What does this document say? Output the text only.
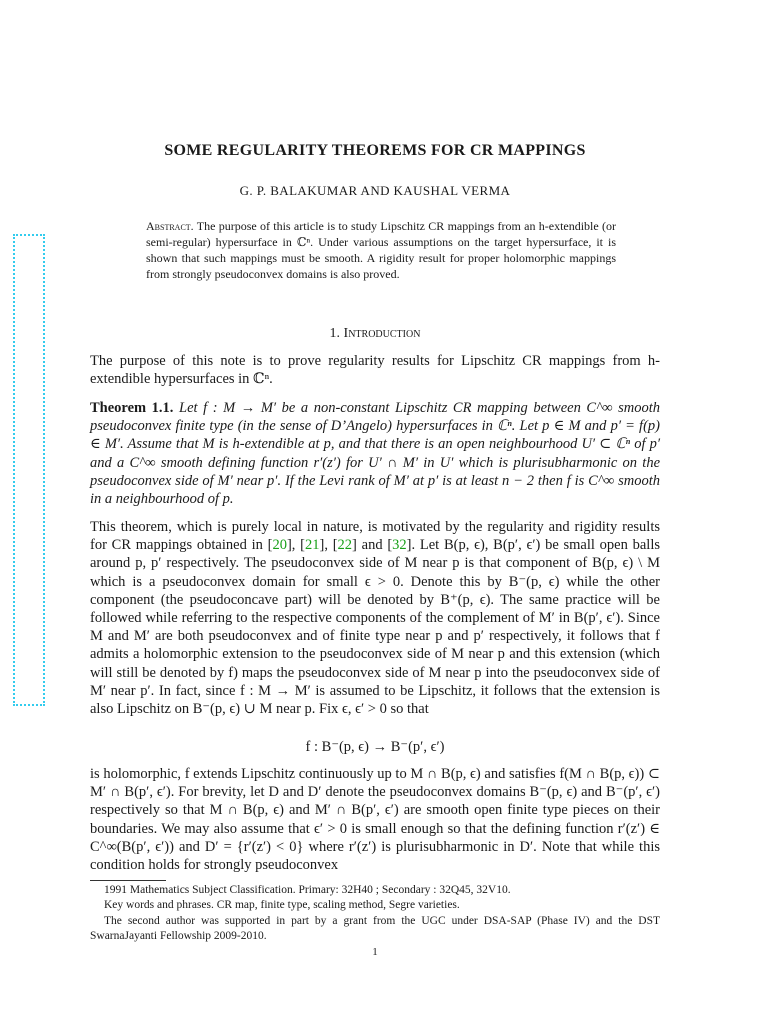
SOME REGULARITY THEOREMS FOR CR MAPPINGS
G. P. BALAKUMAR AND KAUSHAL VERMA
Abstract. The purpose of this article is to study Lipschitz CR mappings from an h-extendible (or semi-regular) hypersurface in ℂⁿ. Under various assumptions on the target hypersurface, it is shown that such mappings must be smooth. A rigidity result for proper holomorphic mappings from strongly pseudoconvex domains is also proved.
1. Introduction

The purpose of this note is to prove regularity results for Lipschitz CR mappings from h-extendible hypersurfaces in ℂⁿ.

Theorem 1.1. Let f : M → M′ be a non-constant Lipschitz CR mapping between C^∞ smooth pseudoconvex finite type (in the sense of D’Angelo) hypersurfaces in ℂⁿ. Let p ∈ M and p′ = f(p) ∈ M′. Assume that M is h-extendible at p, and that there is an open neighbourhood U′ ⊂ ℂⁿ of p′ and a C^∞ smooth defining function r′(z′) for U′ ∩ M′ in U′ which is plurisubharmonic on the pseudoconvex side of M′ near p′. If the Levi rank of M′ at p′ is at least n − 2 then f is C^∞ smooth in a neighbourhood of p.

This theorem, which is purely local in nature, is motivated by the regularity and rigidity results for CR mappings obtained in [20], [21], [22] and [32]. Let B(p, ϵ), B(p′, ϵ′) be small open balls around p, p′ respectively. The pseudoconvex side of M near p is that component of B(p, ϵ) \ M which is a pseudoconvex domain for small ϵ > 0. Denote this by B⁻(p, ϵ) while the other component (the pseudoconcave part) will be denoted by B⁺(p, ϵ). The same practice will be followed while referring to the respective components of the complement of M′ in B(p′, ϵ′). Since M and M′ are both pseudoconvex and of finite type near p and p′ respectively, it follows that f admits a holomorphic extension to the pseudoconvex side of M near p and this extension (which will still be denoted by f) maps the pseudoconvex side of M near p into the pseudoconvex side of M′ near p′. In fact, since f : M → M′ is assumed to be Lipschitz, it follows that the extension is also Lipschitz on B⁻(p, ϵ) ∪ M near p. Fix ϵ, ϵ′ > 0 so that

f : B⁻(p, ϵ) → B⁻(p′, ϵ′)

is holomorphic, f extends Lipschitz continuously up to M ∩ B(p, ϵ) and satisfies f(M ∩ B(p, ϵ)) ⊂ M′ ∩ B(p′, ϵ′). For brevity, let D and D′ denote the pseudoconvex domains B⁻(p, ϵ) and B⁻(p′, ϵ′) respectively so that M ∩ B(p, ϵ) and M′ ∩ B(p′, ϵ′) are smooth open finite type pieces on their boundaries. We may also assume that ϵ′ > 0 is small enough so that the defining function r′(z′) ∈ C^∞(B(p′, ϵ′)) and D′ = {r′(z′) < 0} where r′(z′) is plurisubharmonic in D′. Note that while this condition holds for strongly pseudoconvex

1991 Mathematics Subject Classification. Primary: 32H40 ; Secondary : 32Q45, 32V10.

Key words and phrases. CR map, finite type, scaling method, Segre varieties.

The second author was supported in part by a grant from the UGC under DSA-SAP (Phase IV) and the DST SwarnaJayanti Fellowship 2009-2010.

1
